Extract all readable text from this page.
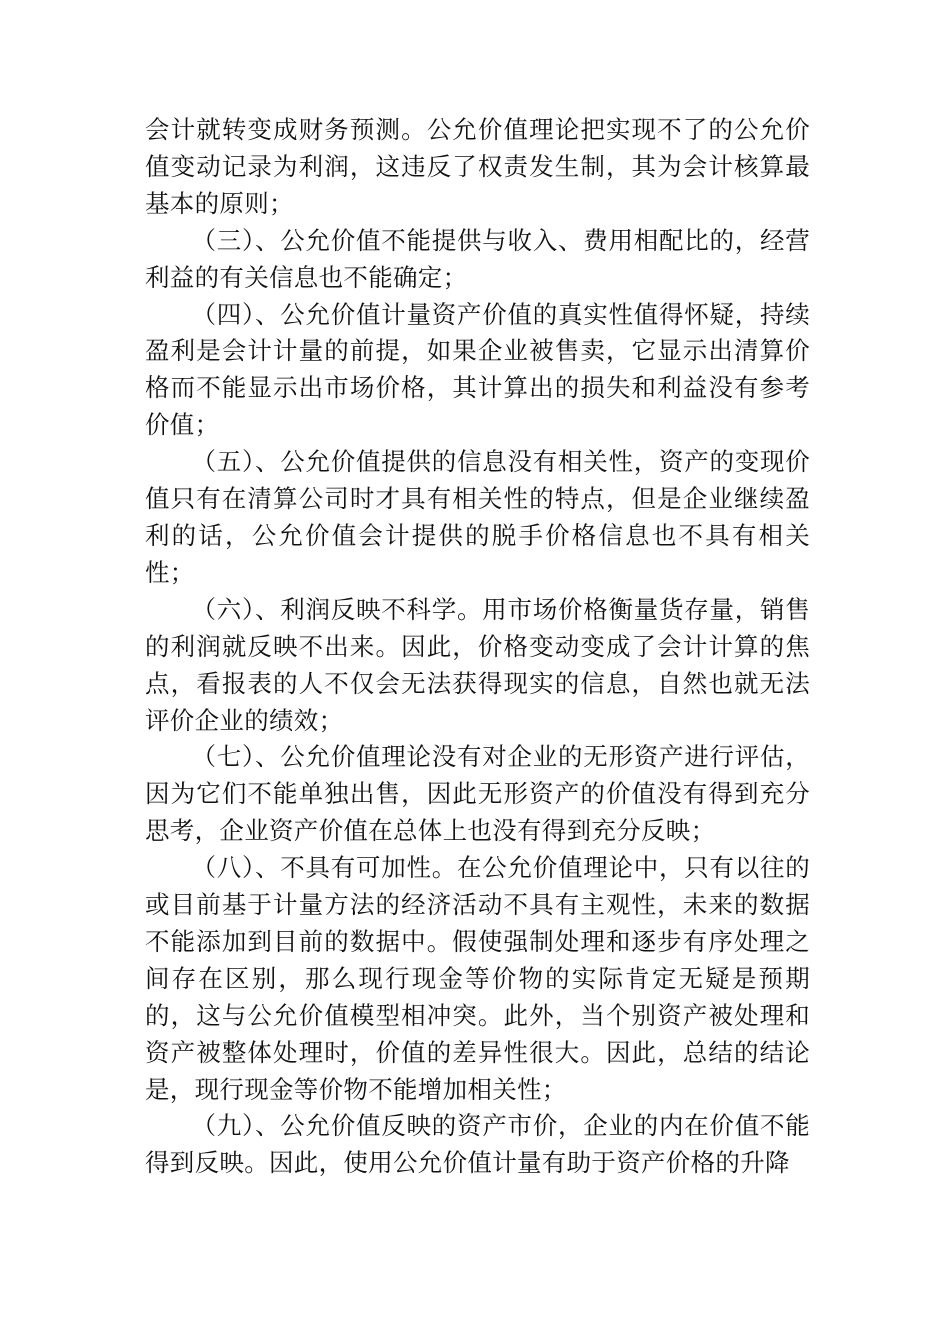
会计就转变成财务预测。公允价值理论把实现不了的公允价值变动记录为利润，这违反了权责发生制，其为会计核算最基本的原则；

（三）、公允价值不能提供与收入、费用相配比的，经营利益的有关信息也不能确定；

（四）、公允价值计量资产价值的真实性值得怀疑，持续盈利是会计计量的前提，如果企业被售卖，它显示出清算价格而不能显示出市场价格，其计算出的损失和利益没有参考价值；

（五）、公允价值提供的信息没有相关性，资产的变现价值只有在清算公司时才具有相关性的特点，但是企业继续盈利的话，公允价值会计提供的脱手价格信息也不具有相关性；

（六）、利润反映不科学。用市场价格衡量货存量，销售的利润就反映不出来。因此，价格变动变成了会计计算的焦点，看报表的人不仅会无法获得现实的信息，自然也就无法评价企业的绩效；

（七）、公允价值理论没有对企业的无形资产进行评估，因为它们不能单独出售，因此无形资产的价值没有得到充分思考，企业资产价值在总体上也没有得到充分反映；

（八）、不具有可加性。在公允价值理论中，只有以往的或目前基于计量方法的经济活动不具有主观性，未来的数据不能添加到目前的数据中。假使强制处理和逐步有序处理之间存在区别，那么现行现金等价物的实际肯定无疑是预期的，这与公允价值模型相冲突。此外，当个别资产被处理和资产被整体处理时，价值的差异性很大。因此，总结的结论是，现行现金等价物不能增加相关性；

（九）、公允价值反映的资产市价，企业的内在价值不能得到反映。因此，使用公允价值计量有助于资产价格的升降
